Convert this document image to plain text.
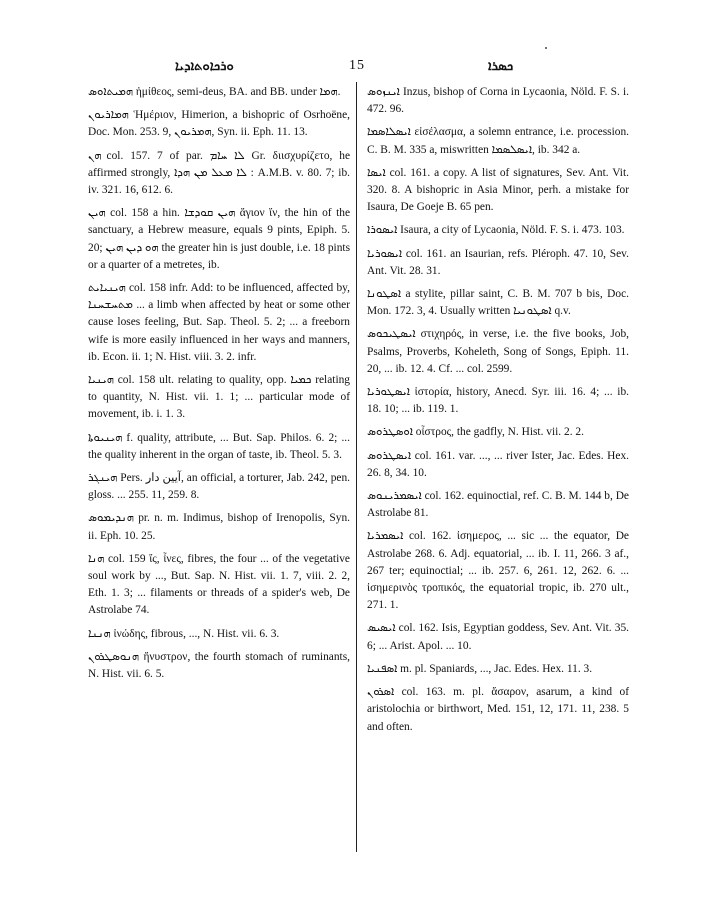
ܘܪܟܐܘܬܐܕܝܐ	15	ܟܣܪܐ

ܗܡܝܬܐܘܣ ἡμίθεος, semi-deus, BA. and BB. under ܗܡܐ.

ܗܡܐܪܝܘܢ Ἡμέριον, Himerion, a bishopric of Osrhoëne, Doc. Mon. 253. 9, ܗܡܪܝܘܢ, Syn. ii. Eph. 11. 13.

ܗܢ col. 157. 7 of par. ܠܐ ܚܐܡ Gr. διισχυρίζετο, he affirmed strongly, ܠܐ ܡܥܠ ܡܢ ܗܕܐ : A.M.B. v. 80. 7; ib. iv. 321. 16, 612. 6.

ܗܝܢ col. 158 a hin. ܗܝܢ ܩܘܕܫܐ ἅγιον ἵν, the hin of the sanctuary, a Hebrew measure, equals 9 pints, Epiph. 5. 20; ܗܘ ܕܝܢ ܗܝܢ the greater hin is just double, i.e. 18 pints or a quarter of a metretes, ib.

ܗܝܢܝܐܝܬ col. 158 infr. Add: to be influenced, affected by, ܡܬܚܫܚܢܐ ... a limb when affected by heat or some other cause loses feeling, But. Sap. Theol. 5. 2; ... a freeborn wife is more easily influenced in her ways and manners, ib. Econ. ii. 1; N. Hist. viii. 3. 2. infr.

ܗܝܢܝܐ col. 158 ult. relating to quality, opp. ܟܡܝܐ relating to quantity, N. Hist. vii. 1. 1; ... particular mode of movement, ib. i. 1. 3.

ܗܝܢܝܘܬܐ f. quality, attribute, ... But. Sap. Philos. 6. 2; ... the quality inherent in the organ of taste, ib. Theol. 5. 3.

ܗܝܢܓܪ Pers. آيين دار, an official, a torturer, Jab. 242, pen. gloss. ... 255. 11, 259. 8.

ܗܢܕܝܡܘܣ pr. n. m. Indimus, bishop of Irenopolis, Syn. ii. Eph. 10. 25.

ܗܢܐ col. 159 ἴς, ἶνες, fibres, the four ... of the vegetative soul work by ..., But. Sap. N. Hist. vii. 1. 7, viii. 2. 2, Eth. 1. 3; ... filaments or threads of a spider's web, De Astrolabe 74.

ܗܢܢܐ ἰνώδης, fibrous, ..., N. Hist. vii. 6. 3.

ܗܢܘܣܛܪܘܢ ἤνυστρον, the fourth stomach of ruminants, N. Hist. vii. 6. 5.

ܐܝܢܙܘܣ Inzus, bishop of Corna in Lycaonia, Nöld. F. S. i. 472. 96.

ܐܝܣܠܐܣܡܐ εἰσέλασμα, a solemn entrance, i.e. procession. C. B. M. 335 a, miswritten ܐܝܣܠܣܡܐ, ib. 342 a.

ܐܝܣܐ col. 161. a copy. A list of signatures, Sev. Ant. Vit. 320. 8. A bishopric in Asia Minor, perh. a mistake for Isaura, De Goeje B. 65 pen.

ܐܝܣܘܪܐ Isaura, a city of Lycaonia, Nöld. F. S. i. 473. 103.

ܐܝܣܘܪܝܐ col. 161. an Isaurian, refs. Pléroph. 47. 10, Sev. Ant. Vit. 28. 31.

ܐܣܛܘܢܐ a stylite, pillar saint, C. B. M. 707 b bis, Doc. Mon. 172. 3, 4. Usually written ܐܣܛܘܢܝܐ q.v.

ܐܝܣܛܝܟܘܣ στιχηρός, in verse, i.e. the five books, Job, Psalms, Proverbs, Koheleth, Song of Songs, Epiph. 11. 20, ... ib. 12. 4. Cf. ... col. 2599.

ܐܝܣܛܘܪܝܐ ἱστορία, history, Anecd. Syr. iii. 16. 4; ... ib. 18. 10; ... ib. 119. 1.

ܐܘܣܛܪܘܣ οἶστρος, the gadfly, N. Hist. vii. 2. 2.

ܐܝܣܛܪܘܣ col. 161. var. ..., ... river Ister, Jac. Edes. Hex. 26. 8, 34. 10.

ܐܝܣܡܪܝܢܘܣ col. 162. equinoctial, ref. C. B. M. 144 b, De Astrolabe 81.

ܐܝܣܡܪܝܐ col. 162. ἰσημερος, ... sic ... the equator, De Astrolabe 268. 6. Adj. equatorial, ... ib. I. 11, 266. 3 af., 267 ter; equinoctial; ... ib. 257. 6, 261. 12, 262. 6. ... ἰσημερινὸς τροπικός, the equatorial tropic, ib. 270 ult., 271. 1.

ܐܝܣܝܣ col. 162. Isis, Egyptian goddess, Sev. Ant. Vit. 35. 6; ... Arist. Apol. ... 10.

ܐܣܦܢܝܐ m. pl. Spaniards, ..., Jac. Edes. Hex. 11. 3.

ܐܣܪܘܢ col. 163. m. pl. ἄσαρον, asarum, a kind of aristolochia or birthwort, Med. 151, 12, 171. 11, 238. 5 and often.
